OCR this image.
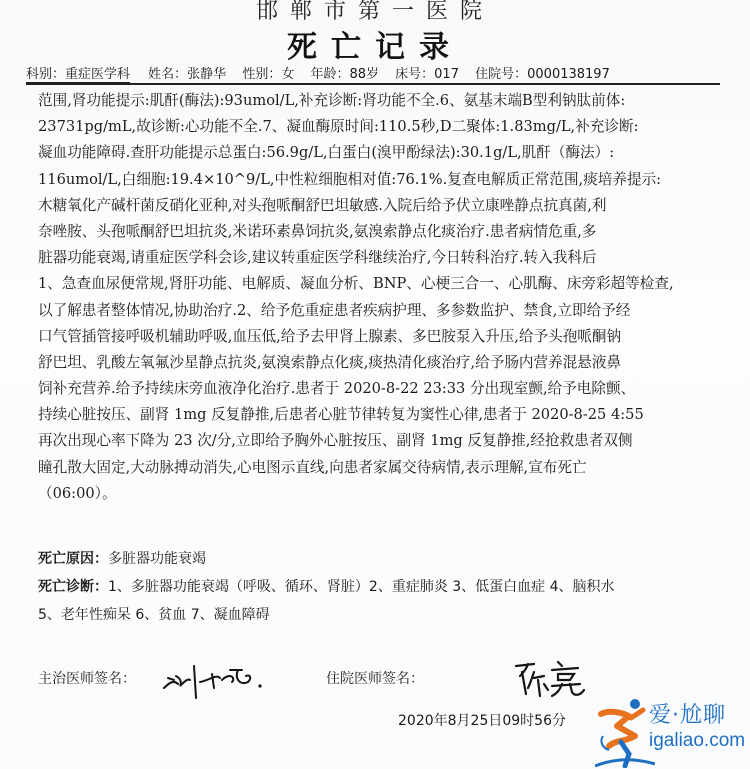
邯郸市第一医院
死亡记录
科别：重症医学科 姓名：张静华 性别：女 年龄：88岁 床号：017 住院号：0000138197
范围,肾功能提示:肌酐(酶法):93umol/L,补充诊断:肾功能不全.6、氨基末端B型利钠肽前体:
23731pg/mL,故诊断:心功能不全.7、凝血酶原时间:110.5秒,D二聚体:1.83mg/L,补充诊断:
凝血功能障碍.查肝功能提示总蛋白:56.9g/L,白蛋白(溴甲酚绿法):30.1g/L,肌酐（酶法）:
116umol/L,白细胞:19.4×10^9/L,中性粒细胞相对值:76.1%.复查电解质正常范围,痰培养提示:
木糖氧化产碱杆菌反硝化亚种,对头孢哌酮舒巴坦敏感.入院后给予伏立康唑静点抗真菌,利
奈唑胺、头孢哌酮舒巴坦抗炎,米诺环素鼻饲抗炎,氨溴索静点化痰治疗.患者病情危重,多
脏器功能衰竭,请重症医学科会诊,建议转重症医学科继续治疗,今日转科治疗.转入我科后
1、急查血尿便常规,肾肝功能、电解质、凝血分析、BNP、心梗三合一、心肌酶、床旁彩超等检查,
以了解患者整体情况,协助治疗.2、给予危重症患者疾病护理、多参数监护、禁食,立即给予经
口气管插管接呼吸机辅助呼吸,血压低,给予去甲肾上腺素、多巴胺泵入升压,给予头孢哌酮钠
舒巴坦、乳酸左氧氟沙星静点抗炎,氨溴索静点化痰,痰热清化痰治疗,给予肠内营养混悬液鼻
饲补充营养.给予持续床旁血液净化治疗.患者于 2020-8-22 23:33 分出现室颤,给予电除颤、
持续心脏按压、副肾 1mg 反复静推,后患者心脏节律转复为窦性心律,患者于 2020-8-25 4:55
再次出现心率下降为 23 次/分,立即给予胸外心脏按压、副肾 1mg 反复静推,经抢救患者双侧
瞳孔散大固定,大动脉搏动消失,心电图示直线,向患者家属交待病情,表示理解,宣布死亡
（06:00）。
死亡原因：多脏器功能衰竭
死亡诊断：1、多脏器功能衰竭（呼吸、循环、肾脏）2、重症肺炎 3、低蛋白血症 4、脑积水
5、老年性痴呆 6、贫血 7、凝血障碍
主治医师签名：	住院医师签名：
2020年8月25日09时56分	爱·尬聊
igaliao.com
